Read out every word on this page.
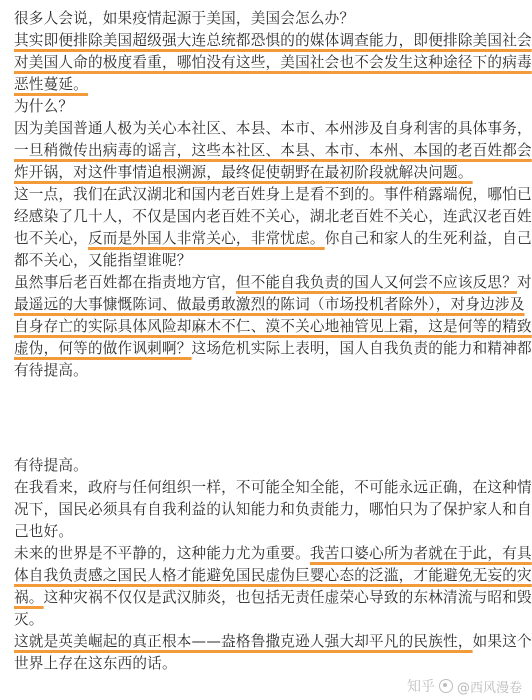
很多人会说，如果疫情起源于美国，美国会怎么办？
其实即便排除美国超级强大连总统都恐惧的的媒体调查能力，即便排除美国社会
对美国人命的极度看重，哪怕没有这些，美国社会也不会发生这种途径下的病毒
恶性蔓延。
为什么？
因为美国普通人极为关心本社区、本县、本市、本州涉及自身利害的具体事务，
一旦稍微传出病毒的谣言，这些本社区、本县、本市、本州、本国的老百姓都会
炸开锅，对这件事情追根溯源，最终促使朝野在最初阶段就解决问题。
这一点，我们在武汉湖北和国内老百姓身上是看不到的。事件稍露端倪，哪怕已
经感染了几十人，不仅是国内老百姓不关心，湖北老百姓不关心，连武汉老百姓
也不关心，反而是外国人非常关心，非常忧虑。你自己和家人的生死利益，自己
都不关心，又能指望谁呢？
虽然事后老百姓都在指责地方官，但不能自我负责的国人又何尝不应该反思？对
最遥远的大事慷慨陈词、做最勇敢激烈的陈词（市场投机者除外），对身边涉及
自身存亡的实际具体风险却麻木不仁、漠不关心地袖管见上霜，这是何等的精致
虚伪，何等的做作讽刺啊？这场危机实际上表明，国人自我负责的能力和精神都
有待提高。
有待提高。
在我看来，政府与任何组织一样，不可能全知全能，不可能永远正确，在这种情
况下，国民必须具有自我利益的认知能力和负责能力，哪怕只为了保护家人和自
己也好。
未来的世界是不平静的，这种能力尤为重要。我苦口婆心所为者就在于此，有具
体自我负责感之国民人格才能避免国民虚伪巨婴心态的泛滥，才能避免无妄的灾
祸。这种灾祸不仅仅是武汉肺炎，也包括无责任虚荣心导致的东林清流与昭和毁
灭。
这就是英美崛起的真正根本——盎格鲁撒克逊人强大却平凡的民族性，如果这个
世界上存在这东西的话。
知乎 @西风漫卷
